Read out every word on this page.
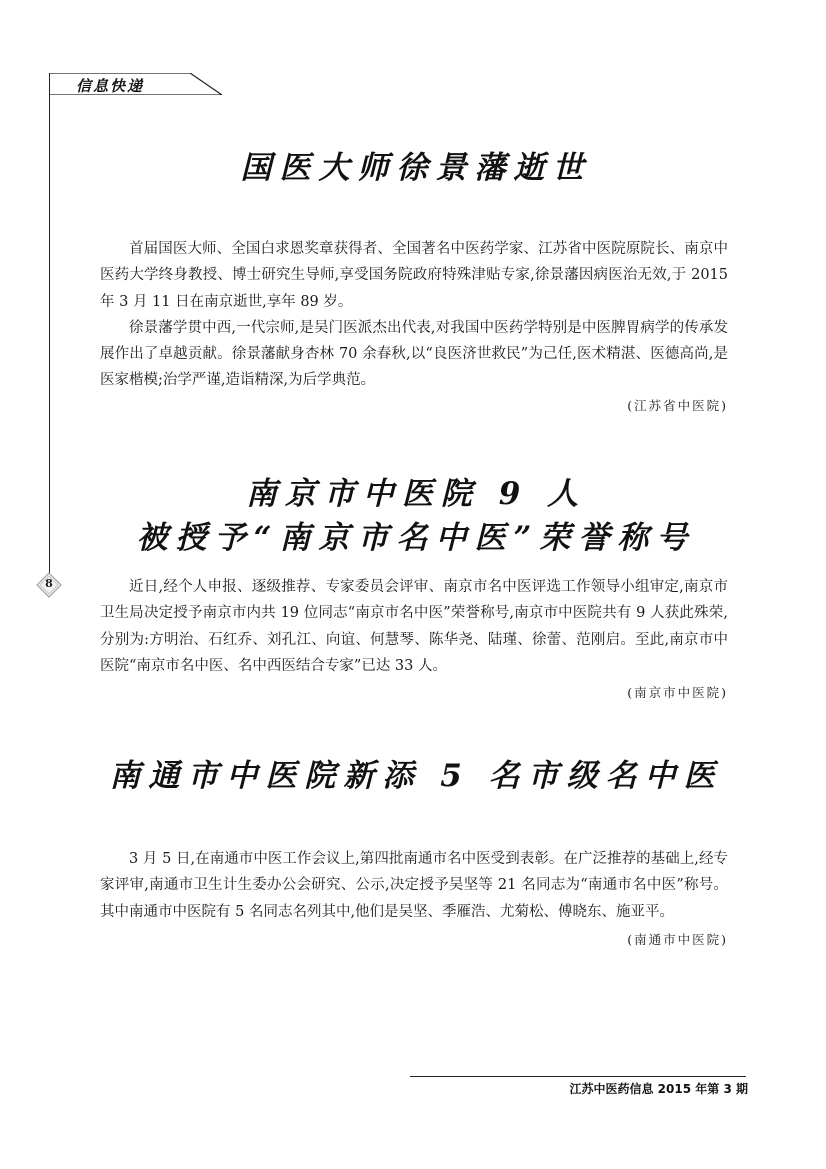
信息快递
8
国医大师徐景藩逝世

首届国医大师、全国白求恩奖章获得者、全国著名中医药学家、江苏省中医院原院长、南京中医药大学终身教授、博士研究生导师,享受国务院政府特殊津贴专家,徐景藩因病医治无效,于 2015 年 3 月 11 日在南京逝世,享年 89 岁。

徐景藩学贯中西,一代宗师,是吴门医派杰出代表,对我国中医药学特别是中医脾胃病学的传承发展作出了卓越贡献。徐景藩献身杏林 70 余春秋,以“良医济世救民”为己任,医术精湛、医德高尚,是医家楷模;治学严谨,造诣精深,为后学典范。

(江苏省中医院)
南京市中医院 9 人
被授予“南京市名中医”荣誉称号

近日,经个人申报、逐级推荐、专家委员会评审、南京市名中医评选工作领导小组审定,南京市卫生局决定授予南京市内共 19 位同志“南京市名中医”荣誉称号,南京市中医院共有 9 人获此殊荣,分别为:方明治、石红乔、刘孔江、向谊、何慧琴、陈华尧、陆瑾、徐蕾、范刚启。至此,南京市中医院“南京市名中医、名中西医结合专家”已达 33 人。

(南京市中医院)
南通市中医院新添 5 名市级名中医

3 月 5 日,在南通市中医工作会议上,第四批南通市名中医受到表彰。在广泛推荐的基础上,经专家评审,南通市卫生计生委办公会研究、公示,决定授予吴坚等 21 名同志为“南通市名中医”称号。其中南通市中医院有 5 名同志名列其中,他们是吴坚、季雁浩、尤菊松、傅晓东、施亚平。

(南通市中医院)
江苏中医药信息 2015 年第 3 期
